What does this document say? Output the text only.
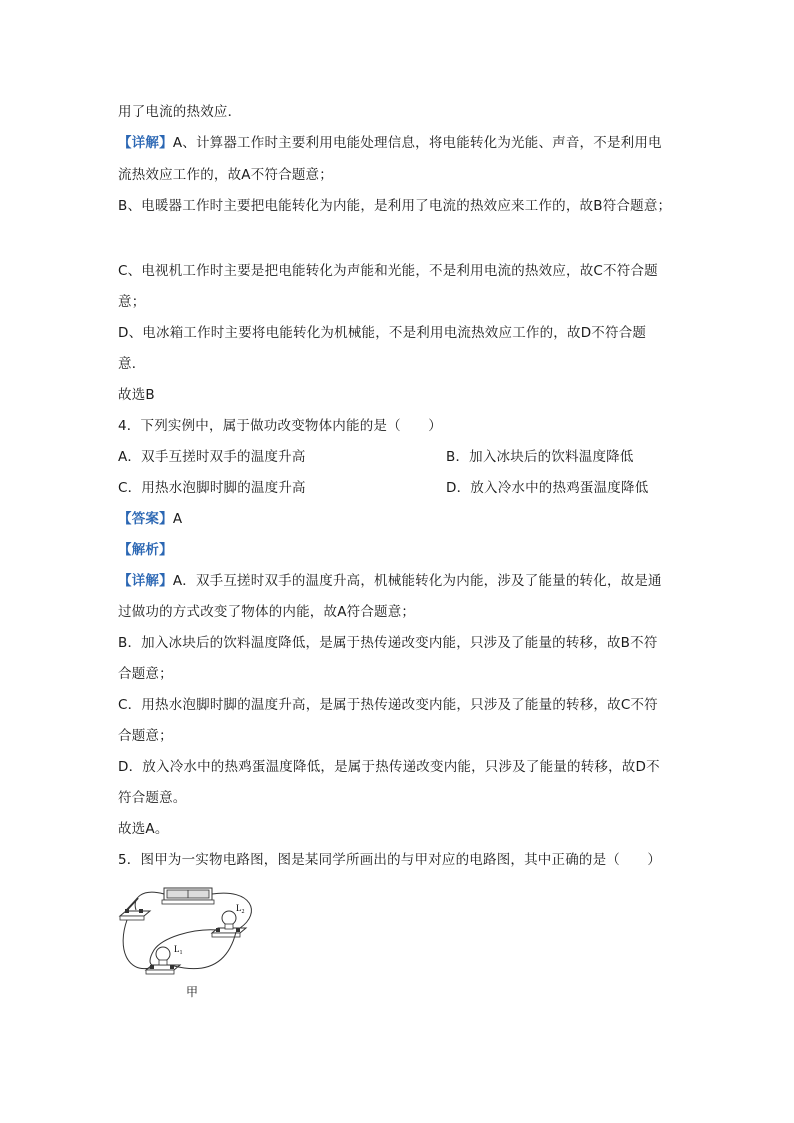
用了电流的热效应．
【详解】A、计算器工作时主要利用电能处理信息，将电能转化为光能、声音，不是利用电
流热效应工作的，故A不符合题意；
B、电暖器工作时主要把电能转化为内能，是利用了电流的热效应来工作的，故B符合题意；
C、电视机工作时主要是把电能转化为声能和光能，不是利用电流的热效应，故C不符合题
意；
D、电冰箱工作时主要将电能转化为机械能，不是利用电流热效应工作的，故D不符合题
意．
故选B
4．下列实例中，属于做功改变物体内能的是（　　）
A．双手互搓时双手的温度升高	B．加入冰块后的饮料温度降低
C．用热水泡脚时脚的温度升高	D．放入冷水中的热鸡蛋温度降低
【答案】A
【解析】
【详解】A．双手互搓时双手的温度升高，机械能转化为内能，涉及了能量的转化，故是通
过做功的方式改变了物体的内能，故A符合题意；
B．加入冰块后的饮料温度降低，是属于热传递改变内能，只涉及了能量的转移，故B不符
合题意；
C．用热水泡脚时脚的温度升高，是属于热传递改变内能，只涉及了能量的转移，故C不符
合题意；
D．放入冷水中的热鸡蛋温度降低，是属于热传递改变内能，只涉及了能量的转移，故D不
符合题意。
故选A。
5．图甲为一实物电路图，图是某同学所画出的与甲对应的电路图，其中正确的是（　　）
$L_1$
$L_2$
甲
